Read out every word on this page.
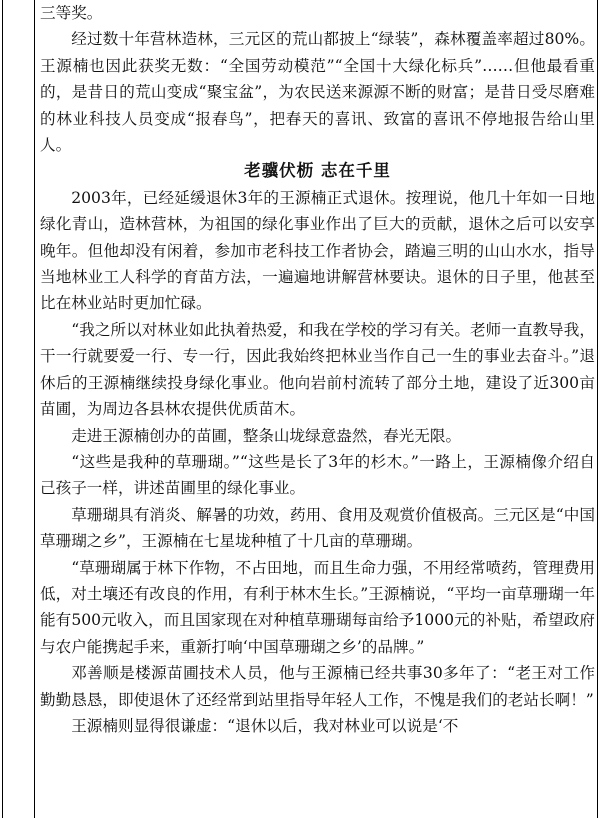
三等奖。

经过数十年营林造林，三元区的荒山都披上“绿装”，森林覆盖率超过80%。王源楠也因此获奖无数：“全国劳动模范”“全国十大绿化标兵”……但他最看重的，是昔日的荒山变成“聚宝盆”，为农民送来源源不断的财富；是昔日受尽磨难的林业科技人员变成“报春鸟”，把春天的喜讯、致富的喜讯不停地报告给山里人。

老骥伏枥 志在千里

2003年，已经延缓退休3年的王源楠正式退休。按理说，他几十年如一日地绿化青山，造林营林，为祖国的绿化事业作出了巨大的贡献，退休之后可以安享晚年。但他却没有闲着，参加市老科技工作者协会，踏遍三明的山山水水，指导当地林业工人科学的育苗方法，一遍遍地讲解营林要诀。退休的日子里，他甚至比在林业站时更加忙碌。

“我之所以对林业如此执着热爱，和我在学校的学习有关。老师一直教导我，干一行就要爱一行、专一行，因此我始终把林业当作自己一生的事业去奋斗。”退休后的王源楠继续投身绿化事业。他向岩前村流转了部分土地，建设了近300亩苗圃，为周边各县林农提供优质苗木。

走进王源楠创办的苗圃，整条山垅绿意盎然，春光无限。

“这些是我种的草珊瑚。”“这些是长了3年的杉木。”一路上，王源楠像介绍自己孩子一样，讲述苗圃里的绿化事业。

草珊瑚具有消炎、解暑的功效，药用、食用及观赏价值极高。三元区是“中国草珊瑚之乡”，王源楠在七星垅种植了十几亩的草珊瑚。

“草珊瑚属于林下作物，不占田地，而且生命力强，不用经常喷药，管理费用低，对土壤还有改良的作用，有利于林木生长。”王源楠说，“平均一亩草珊瑚一年能有500元收入，而且国家现在对种植草珊瑚每亩给予1000元的补贴，希望政府与农户能携起手来，重新打响‘中国草珊瑚之乡’的品牌。”

邓善顺是楼源苗圃技术人员，他与王源楠已经共事30多年了：“老王对工作勤勤恳恳，即使退休了还经常到站里指导年轻人工作，不愧是我们的老站长啊！”

王源楠则显得很谦虚：“退休以后，我对林业可以说是‘不
